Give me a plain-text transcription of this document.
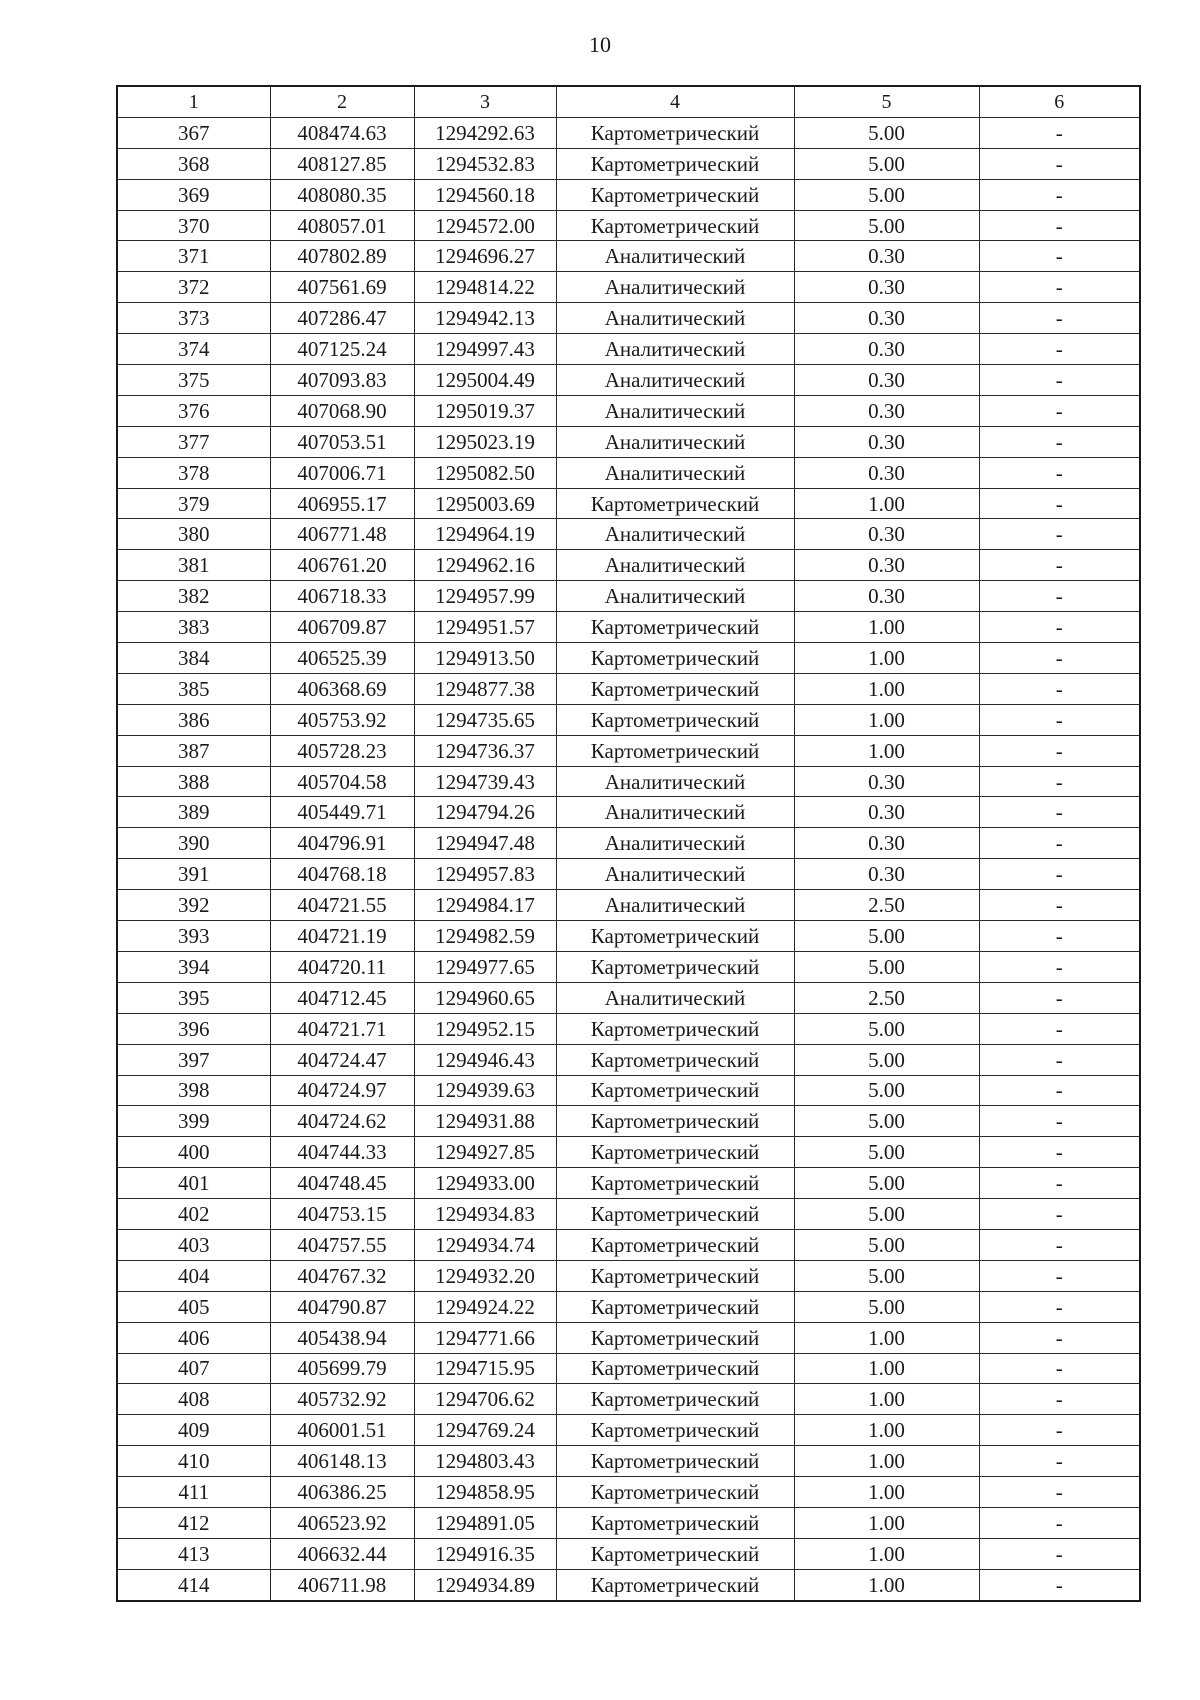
10
1	2	3	4	5	6
367	408474.63	1294292.63	Картометрический	5.00	-
368	408127.85	1294532.83	Картометрический	5.00	-
369	408080.35	1294560.18	Картометрический	5.00	-
370	408057.01	1294572.00	Картометрический	5.00	-
371	407802.89	1294696.27	Аналитический	0.30	-
372	407561.69	1294814.22	Аналитический	0.30	-
373	407286.47	1294942.13	Аналитический	0.30	-
374	407125.24	1294997.43	Аналитический	0.30	-
375	407093.83	1295004.49	Аналитический	0.30	-
376	407068.90	1295019.37	Аналитический	0.30	-
377	407053.51	1295023.19	Аналитический	0.30	-
378	407006.71	1295082.50	Аналитический	0.30	-
379	406955.17	1295003.69	Картометрический	1.00	-
380	406771.48	1294964.19	Аналитический	0.30	-
381	406761.20	1294962.16	Аналитический	0.30	-
382	406718.33	1294957.99	Аналитический	0.30	-
383	406709.87	1294951.57	Картометрический	1.00	-
384	406525.39	1294913.50	Картометрический	1.00	-
385	406368.69	1294877.38	Картометрический	1.00	-
386	405753.92	1294735.65	Картометрический	1.00	-
387	405728.23	1294736.37	Картометрический	1.00	-
388	405704.58	1294739.43	Аналитический	0.30	-
389	405449.71	1294794.26	Аналитический	0.30	-
390	404796.91	1294947.48	Аналитический	0.30	-
391	404768.18	1294957.83	Аналитический	0.30	-
392	404721.55	1294984.17	Аналитический	2.50	-
393	404721.19	1294982.59	Картометрический	5.00	-
394	404720.11	1294977.65	Картометрический	5.00	-
395	404712.45	1294960.65	Аналитический	2.50	-
396	404721.71	1294952.15	Картометрический	5.00	-
397	404724.47	1294946.43	Картометрический	5.00	-
398	404724.97	1294939.63	Картометрический	5.00	-
399	404724.62	1294931.88	Картометрический	5.00	-
400	404744.33	1294927.85	Картометрический	5.00	-
401	404748.45	1294933.00	Картометрический	5.00	-
402	404753.15	1294934.83	Картометрический	5.00	-
403	404757.55	1294934.74	Картометрический	5.00	-
404	404767.32	1294932.20	Картометрический	5.00	-
405	404790.87	1294924.22	Картометрический	5.00	-
406	405438.94	1294771.66	Картометрический	1.00	-
407	405699.79	1294715.95	Картометрический	1.00	-
408	405732.92	1294706.62	Картометрический	1.00	-
409	406001.51	1294769.24	Картометрический	1.00	-
410	406148.13	1294803.43	Картометрический	1.00	-
411	406386.25	1294858.95	Картометрический	1.00	-
412	406523.92	1294891.05	Картометрический	1.00	-
413	406632.44	1294916.35	Картометрический	1.00	-
414	406711.98	1294934.89	Картометрический	1.00	-
